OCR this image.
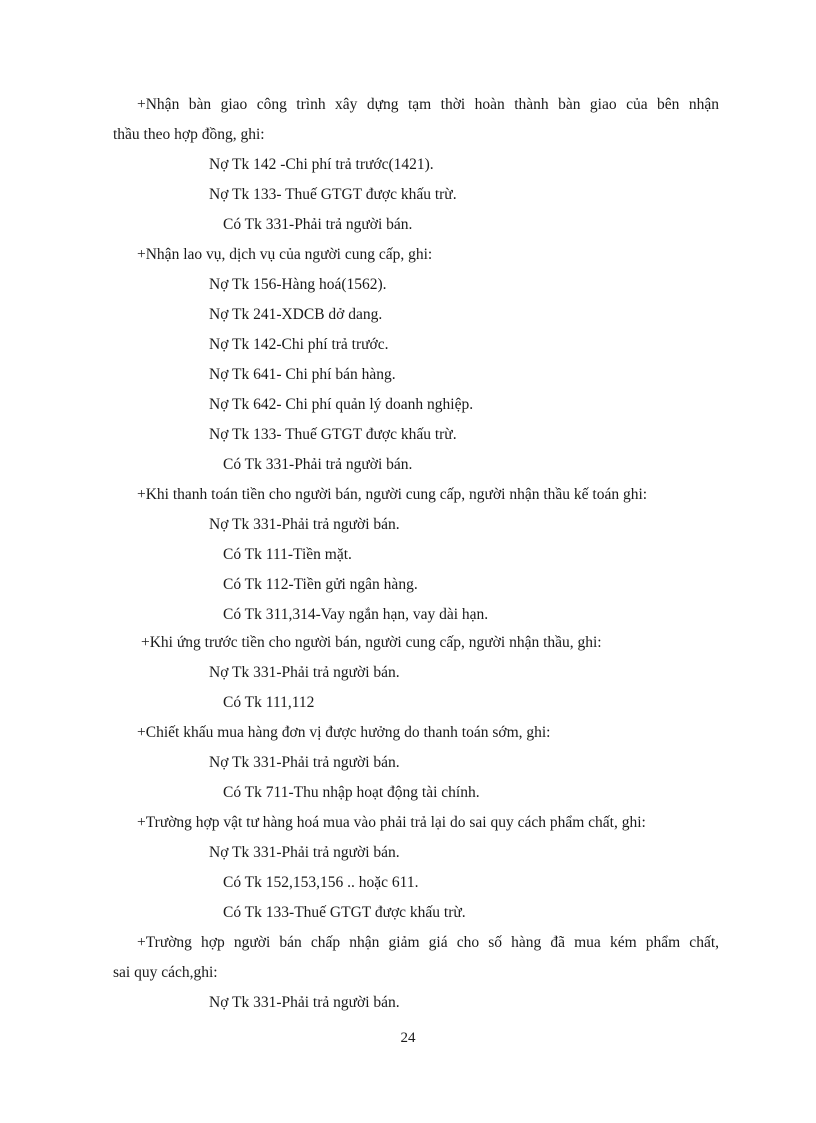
+Nhận bàn giao công trình xây dựng tạm thời hoàn thành bàn giao của bên nhận
thầu theo hợp đồng, ghi:
Nợ Tk 142 -Chi phí trả trước(1421).
Nợ Tk 133- Thuế GTGT được khấu trừ.
Có Tk 331-Phải trả người bán.
+Nhận lao vụ, dịch vụ của người cung cấp, ghi:
Nợ Tk 156-Hàng hoá(1562).
Nợ Tk 241-XDCB dở dang.
Nợ Tk 142-Chi phí trả trước.
Nợ Tk 641- Chi phí bán hàng.
Nợ Tk 642- Chi phí quản lý doanh nghiệp.
Nợ Tk 133- Thuế GTGT được khấu trừ.
Có Tk 331-Phải trả người bán.
+Khi thanh toán tiền cho người bán, người cung cấp, người nhận thầu kế toán ghi:
Nợ Tk 331-Phải trả người bán.
Có Tk 111-Tiền mặt.
Có Tk 112-Tiền gửi ngân hàng.
Có Tk 311,314-Vay ngắn hạn, vay dài hạn.
+Khi ứng trước tiền cho người bán, người cung cấp, người nhận thầu, ghi:
Nợ Tk 331-Phải trả người bán.
Có Tk 111,112
+Chiết khấu mua hàng đơn vị được hưởng do thanh toán sớm, ghi:
Nợ Tk 331-Phải trả người bán.
Có Tk 711-Thu nhập hoạt động tài chính.
+Trường hợp vật tư hàng hoá mua vào phải trả lại do sai quy cách phẩm chất, ghi:
Nợ Tk 331-Phải trả người bán.
Có Tk 152,153,156 .. hoặc 611.
Có Tk 133-Thuế GTGT được khấu trừ.
+Trường hợp người bán chấp nhận giảm giá cho số hàng đã mua kém phẩm chất,
sai quy cách,ghi:
Nợ Tk 331-Phải trả người bán.
24
